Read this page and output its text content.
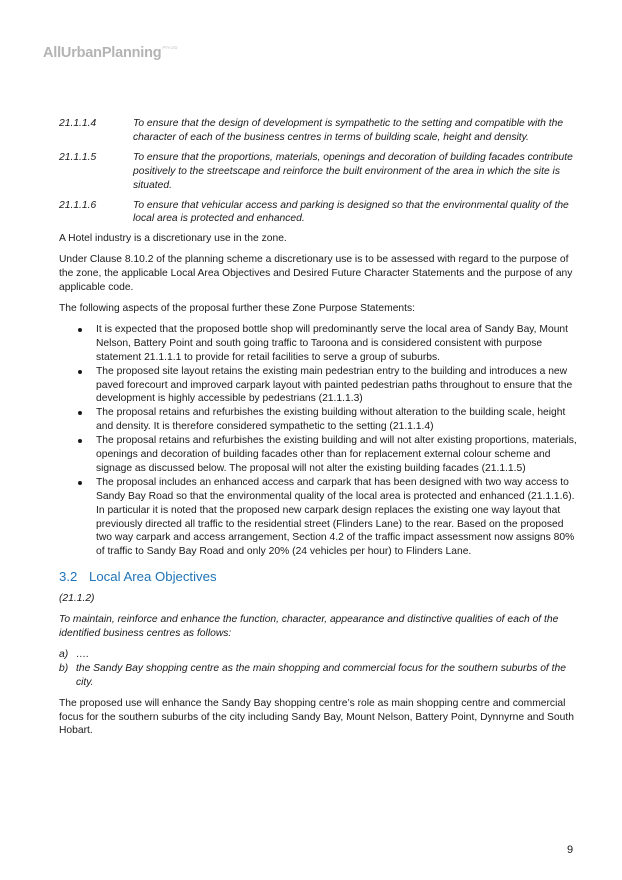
AllUrbanPlanning$^{PTY LTD}$
21.1.1.4	To ensure that the design of development is sympathetic to the setting and compatible with the character of each of the business centres in terms of building scale, height and density.
21.1.1.5	To ensure that the proportions, materials, openings and decoration of building facades contribute positively to the streetscape and reinforce the built environment of the area in which the site is situated.
21.1.1.6	To ensure that vehicular access and parking is designed so that the environmental quality of the local area is protected and enhanced.

A Hotel industry is a discretionary use in the zone.

Under Clause 8.10.2 of the planning scheme a discretionary use is to be assessed with regard to the purpose of the zone, the applicable Local Area Objectives and Desired Future Character Statements and the purpose of any applicable code.

The following aspects of the proposal further these Zone Purpose Statements:

It is expected that the proposed bottle shop will predominantly serve the local area of Sandy Bay, Mount Nelson, Battery Point and south going traffic to Taroona and is considered consistent with purpose statement 21.1.1.1 to provide for retail facilities to serve a group of suburbs.
The proposed site layout retains the existing main pedestrian entry to the building and introduces a new paved forecourt and improved carpark layout with painted pedestrian paths throughout to ensure that the development is highly accessible by pedestrians (21.1.1.3)
The proposal retains and refurbishes the existing building without alteration to the building scale, height and density. It is therefore considered sympathetic to the setting (21.1.1.4)
The proposal retains and refurbishes the existing building and will not alter existing proportions, materials, openings and decoration of building facades other than for replacement external colour scheme and signage as discussed below. The proposal will not alter the existing building facades (21.1.1.5)
The proposal includes an enhanced access and carpark that has been designed with two way access to Sandy Bay Road so that the environmental quality of the local area is protected and enhanced (21.1.1.6). In particular it is noted that the proposed new carpark design replaces the existing one way layout that previously directed all traffic to the residential street (Flinders Lane) to the rear. Based on the proposed two way carpark and access arrangement, Section 4.2 of the traffic impact assessment now assigns 80% of traffic to Sandy Bay Road and only 20% (24 vehicles per hour) to Flinders Lane.
3.2 Local Area Objectives

(21.1.2)

To maintain, reinforce and enhance the function, character, appearance and distinctive qualities of each of the identified business centres as follows:

a) ….
b) the Sandy Bay shopping centre as the main shopping and commercial focus for the southern suburbs of the city.

The proposed use will enhance the Sandy Bay shopping centre’s role as main shopping centre and commercial focus for the southern suburbs of the city including Sandy Bay, Mount Nelson, Battery Point, Dynnyrne and South Hobart.

9
